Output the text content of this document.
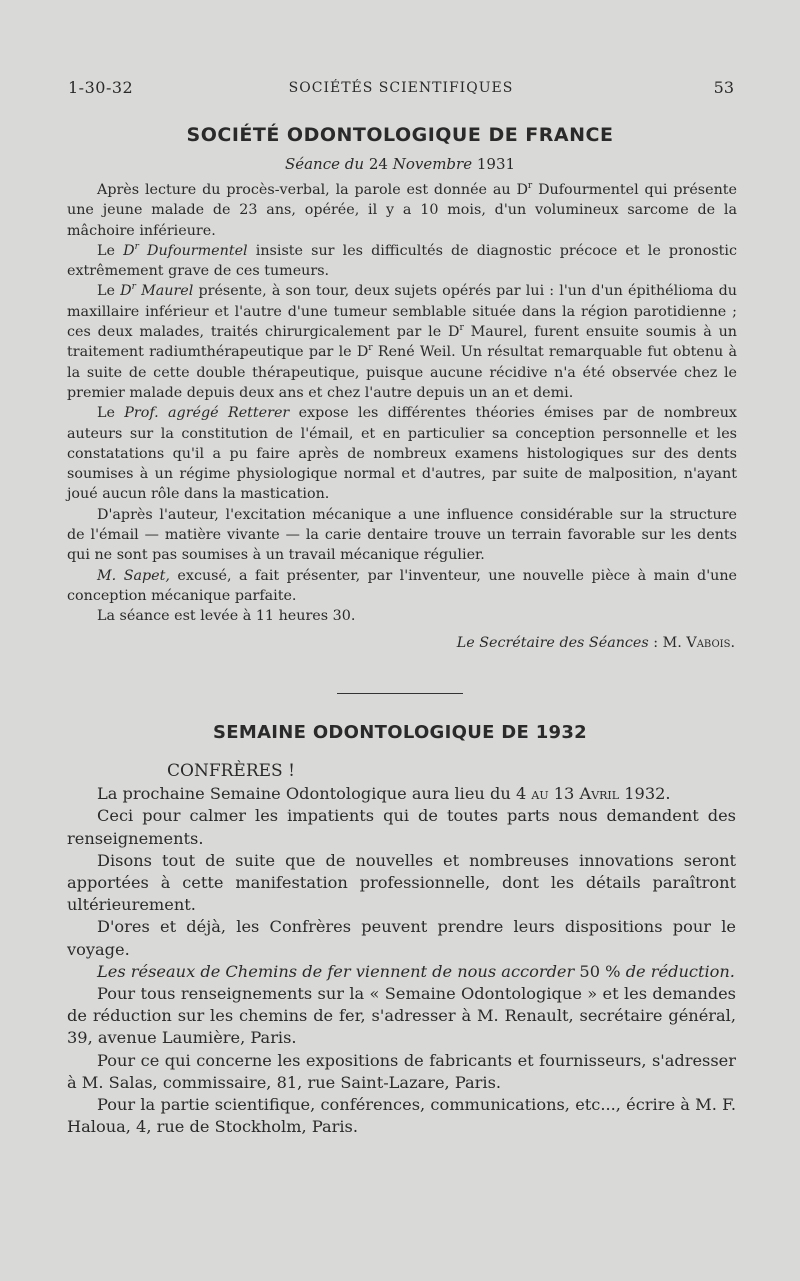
1-30-32	SOCIÉTÉS SCIENTIFIQUES	53
SOCIÉTÉ ODONTOLOGIQUE DE FRANCE
Séance du 24 Novembre 1931

Après lecture du procès-verbal, la parole est donnée au $D^r$ Dufourmentel qui présente une jeune malade de 23 ans, opérée, il y a 10 mois, d'un volumineux sarcome de la mâchoire inférieure.

Le $D^r$ Dufourmentel insiste sur les difficultés de diagnostic précoce et le pronostic extrêmement grave de ces tumeurs.

Le $D^r$ Maurel présente, à son tour, deux sujets opérés par lui : l'un d'un épithélioma du maxillaire inférieur et l'autre d'une tumeur semblable située dans la région parotidienne ; ces deux malades, traités chirurgicalement par le $D^r$ Maurel, furent ensuite soumis à un traitement radiumthérapeutique par le $D^r$ René Weil. Un résultat remarquable fut obtenu à la suite de cette double thérapeutique, puisque aucune récidive n'a été observée chez le premier malade depuis deux ans et chez l'autre depuis un an et demi.

Le Prof. agrégé Retterer expose les différentes théories émises par de nombreux auteurs sur la constitution de l'émail, et en particulier sa conception personnelle et les constatations qu'il a pu faire après de nombreux examens histologiques sur des dents soumises à un régime physiologique normal et d'autres, par suite de malposition, n'ayant joué aucun rôle dans la mastication.

D'après l'auteur, l'excitation mécanique a une influence considérable sur la structure de l'émail — matière vivante — la carie dentaire trouve un terrain favorable sur les dents qui ne sont pas soumises à un travail mécanique régulier.

M. Sapet, excusé, a fait présenter, par l'inventeur, une nouvelle pièce à main d'une conception mécanique parfaite.

La séance est levée à 11 heures 30.

Le Secrétaire des Séances : M. Vabois.

SEMAINE ODONTOLOGIQUE DE 1932

CONFRÈRES !

La prochaine Semaine Odontologique aura lieu du 4 au 13 Avril 1932.

Ceci pour calmer les impatients qui de toutes parts nous demandent des renseignements.

Disons tout de suite que de nouvelles et nombreuses innovations seront apportées à cette manifestation professionnelle, dont les détails paraîtront ultérieurement.

D'ores et déjà, les Confrères peuvent prendre leurs dispositions pour le voyage.

Les réseaux de Chemins de fer viennent de nous accorder 50 % de réduction.

Pour tous renseignements sur la « Semaine Odontologique » et les demandes de réduction sur les chemins de fer, s'adresser à M. Renault, secrétaire général, 39, avenue Laumière, Paris.

Pour ce qui concerne les expositions de fabricants et fournisseurs, s'adresser à M. Salas, commissaire, 81, rue Saint-Lazare, Paris.

Pour la partie scientifique, conférences, communications, etc..., écrire à M. F. Haloua, 4, rue de Stockholm, Paris.
